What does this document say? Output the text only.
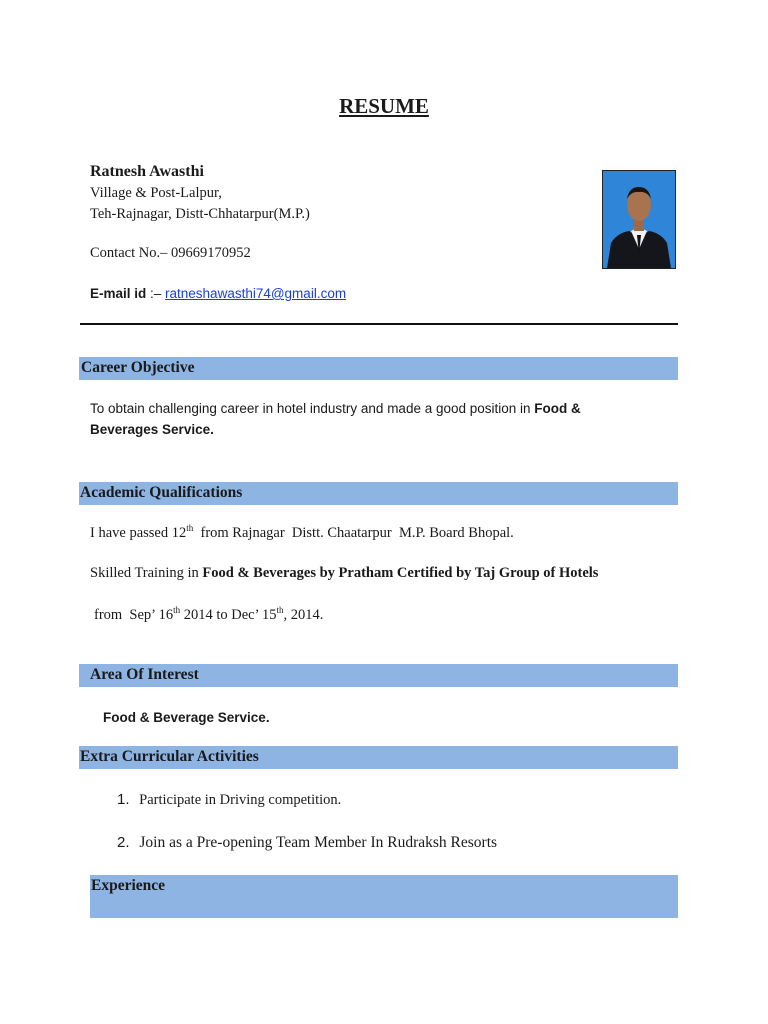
RESUME
Ratnesh Awasthi
Village & Post-Lalpur,
Teh-Rajnagar, Distt-Chhatarpur(M.P.)
Contact No.– 09669170952
E-mail id :– ratneshawasthi74@gmail.com
Career Objective
To obtain challenging career in hotel industry and made a good position in Food &
Beverages Service.
Academic Qualifications
I have passed 12th  from Rajnagar  Distt. Chaatarpur  M.P. Board Bhopal.
Skilled Training in Food & Beverages by Pratham Certified by Taj Group of Hotels
from  Sep’ 16th 2014 to Dec’ 15th, 2014.
Area Of Interest
Food & Beverage Service.
Extra Curricular Activities
1. Participate in Driving competition.
2. Join as a Pre-opening Team Member In Rudraksh Resorts
Experience
